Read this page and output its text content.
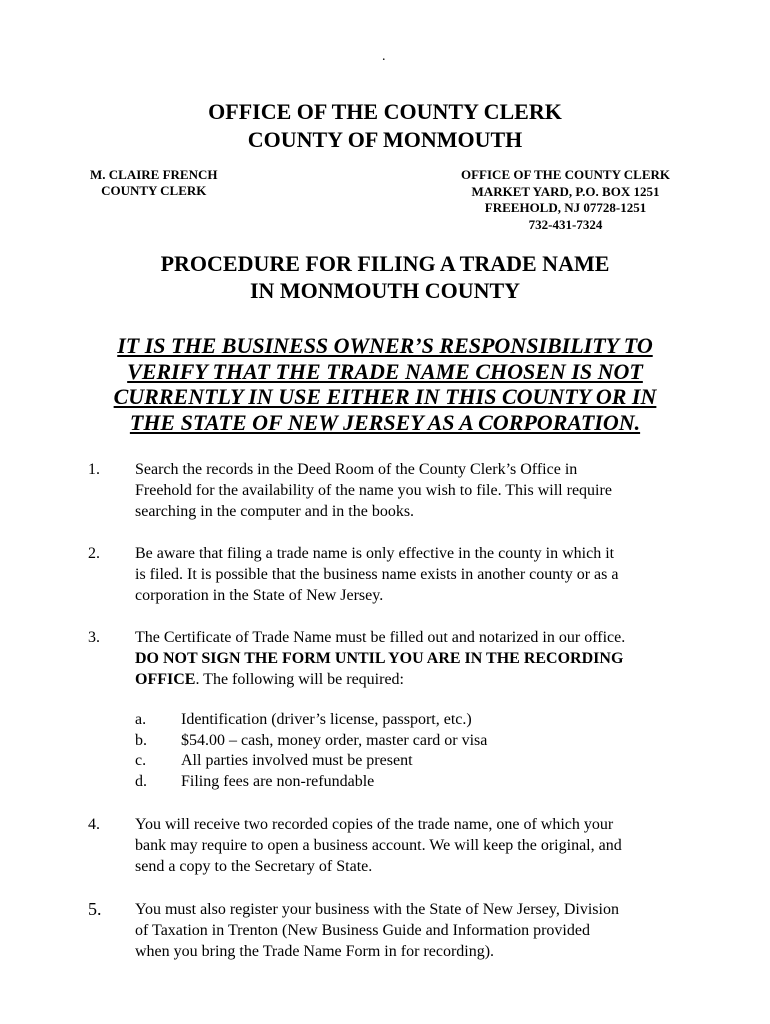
.
OFFICE OF THE COUNTY CLERK
COUNTY OF MONMOUTH
M. CLAIRE FRENCH
COUNTY CLERK
OFFICE OF THE COUNTY CLERK
MARKET YARD, P.O. BOX 1251
FREEHOLD, NJ 07728-1251
732-431-7324
PROCEDURE FOR FILING A TRADE NAME
IN MONMOUTH COUNTY
IT IS THE BUSINESS OWNER’S RESPONSIBILITY TO
VERIFY THAT THE TRADE NAME CHOSEN IS NOT
CURRENTLY IN USE EITHER IN THIS COUNTY OR IN
THE STATE OF NEW JERSEY AS A CORPORATION.
1. Search the records in the Deed Room of the County Clerk’s Office in

Freehold for the availability of the name you wish to file. This will require

searching in the computer and in the books.

2. Be aware that filing a trade name is only effective in the county in which it

is filed. It is possible that the business name exists in another county or as a

corporation in the State of New Jersey.

3. The Certificate of Trade Name must be filled out and notarized in our office.

DO NOT SIGN THE FORM UNTIL YOU ARE IN THE RECORDING

OFFICE. The following will be required:

a. Identification (driver’s license, passport, etc.)
b. $54.00 – cash, money order, master card or visa
c. All parties involved must be present
d. Filing fees are non-refundable
4. You will receive two recorded copies of the trade name, one of which your

bank may require to open a business account. We will keep the original, and

send a copy to the Secretary of State.

5. You must also register your business with the State of New Jersey, Division

of Taxation in Trenton (New Business Guide and Information provided

when you bring the Trade Name Form in for recording).
